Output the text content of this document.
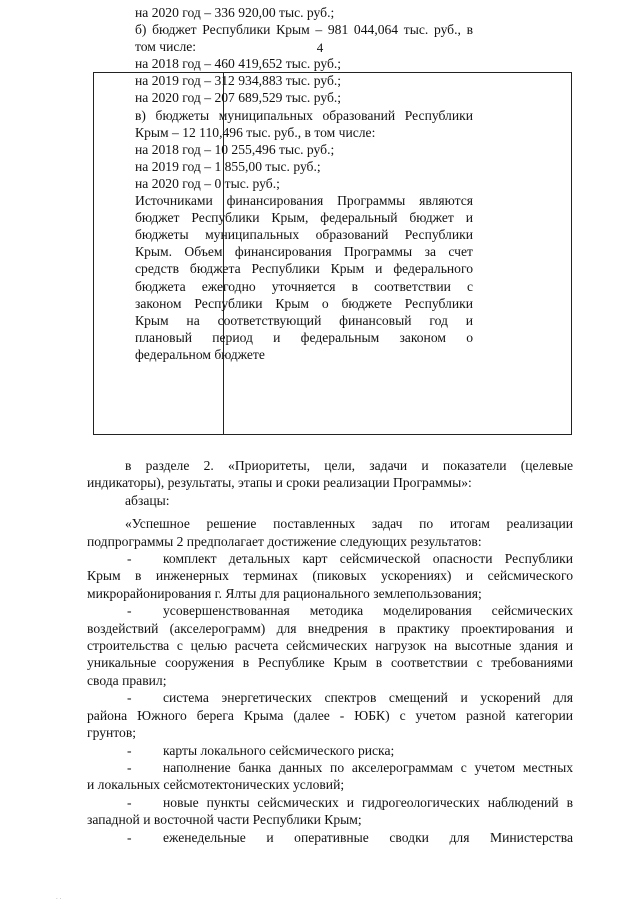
4
на 2020 год – 336 920,00 тыс. руб.;
б) бюджет Республики Крым – 981 044,064 тыс. руб., в
том числе:
на 2018 год – 460 419,652 тыс. руб.;
на 2019 год – 312 934,883 тыс. руб.;
на 2020 год – 207 689,529 тыс. руб.;
в) бюджеты муниципальных образований Республики
Крым – 12 110,496 тыс. руб., в том числе:
на 2018 год – 10 255,496 тыс. руб.;
на 2019 год – 1 855,00 тыс. руб.;
на 2020 год – 0 тыс. руб.;
Источниками финансирования Программы являются
бюджет Республики Крым, федеральный бюджет и
бюджеты муниципальных образований Республики
Крым. Объем финансирования Программы за счет
средств бюджета Республики Крым и федерального
бюджета ежегодно уточняется в соответствии с
законом Республики Крым о бюджете Республики
Крым на соответствующий финансовый год и
плановый период и федеральным законом о
федеральном бюджете
в разделе 2. «Приоритеты, цели, задачи и показатели (целевые
индикаторы), результаты, этапы и сроки реализации Программы»:
абзацы:
«Успешное решение поставленных задач по итогам реализации
подпрограммы 2 предполагает достижение следующих результатов:
- комплект детальных карт сейсмической опасности Республики
Крым в инженерных терминах (пиковых ускорениях) и сейсмического
микрорайонирования г. Ялты для рационального землепользования;
- усовершенствованная методика моделирования сейсмических
воздействий (акселерограмм) для внедрения в практику проектирования и
строительства с целью расчета сейсмических нагрузок на высотные здания и
уникальные сооружения в Республике Крым в соответствии с требованиями
свода правил;
- система энергетических спектров смещений и ускорений для
района Южного берега Крыма (далее - ЮБК) с учетом разной категории
грунтов;
- карты локального сейсмического риска;
- наполнение банка данных по акселерограммам с учетом местных
и локальных сейсмотектонических условий;
- новые пункты сейсмических и гидрогеологических наблюдений в
западной и восточной части Республики Крым;
- еженедельные и оперативные сводки для Министерства
. .
